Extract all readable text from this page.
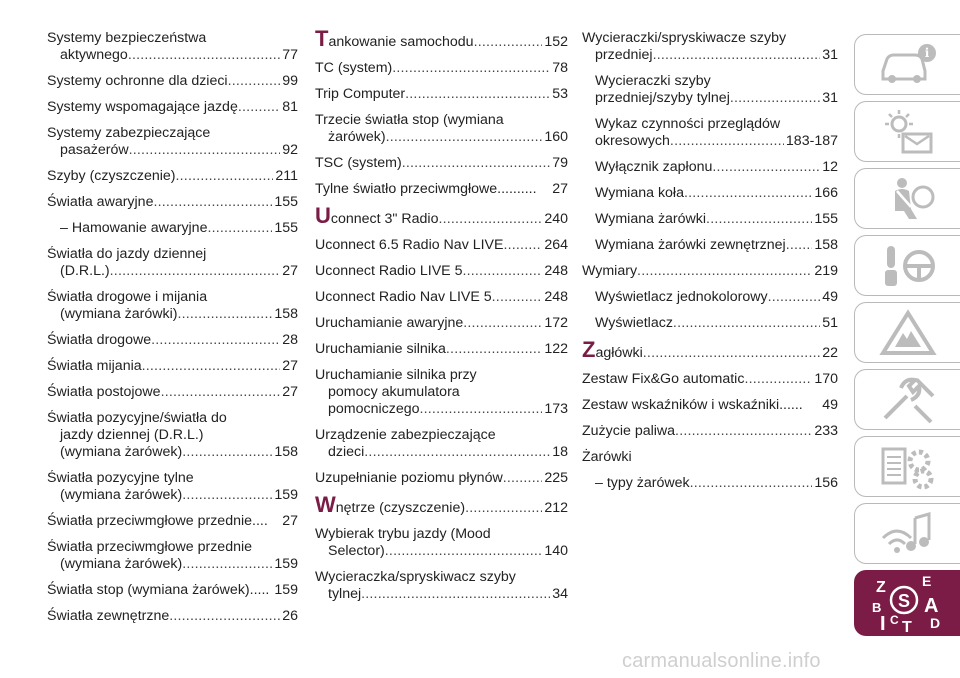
Systemy bezpieczeństwa
aktywnego .....	77
Systemy ochronne dla dzieci .....	99
Systemy wspomagające jazdę .....	81
Systemy zabezpieczające
pasażerów .....	92
Szyby (czyszczenie) .....	211
Światła awaryjne .....	155
– Hamowanie awaryjne .....	155
Światła do jazdy dziennej
(D.R.L.) .....	27
Światła drogowe i mijania
(wymiana żarówki) .....	158
Światła drogowe .....	28
Światła mijania .....	27
Światła postojowe .....	27
Światła pozycyjne/światła do
jazdy dziennej (D.R.L.)
(wymiana żarówek) .....	158
Światła pozycyjne tylne
(wymiana żarówek) .....	159
Światła przeciwmgłowe przednie.... 27
Światła przeciwmgłowe przednie
(wymiana żarówek) .....	159
Światła stop (wymiana żarówek)..... 159
Światła zewnętrzne .....	26
Tankowanie samochodu .....	152
TC (system) .....	78
Trip Computer .....	53
Trzecie światła stop (wymiana
żarówek) .....	160
TSC (system) .....	79
Tylne światło przeciwmgłowe.......... 27
Uconnect 3" Radio .....	240
Uconnect 6.5 Radio Nav LIVE .....	264
Uconnect Radio LIVE 5 .....	248
Uconnect Radio Nav LIVE 5 .....	248
Uruchamianie awaryjne .....	172
Uruchamianie silnika .....	122
Uruchamianie silnika przy
pomocy akumulatora
pomocniczego .....	173
Urządzenie zabezpieczające
dzieci .....	18
Uzupełnianie poziomu płynów .....	225
Wnętrze (czyszczenie) .....	212
Wybierak trybu jazdy (Mood
Selector) .....	140
Wycieraczka/spryskiwacz szyby
tylnej .....	34
Wycieraczki/spryskiwacze szyby
przedniej .....	31
Wycieraczki szyby
przedniej/szyby tylnej .....	31
Wykaz czynności przeglądów
okresowych .....	183-187
Wyłącznik zapłonu .....	12
Wymiana koła .....	166
Wymiana żarówki .....	155
Wymiana żarówki zewnętrznej ..... 158
Wymiary .....	219
Wyświetlacz jednokolorowy .....	49
Wyświetlacz .....	51
Zagłówki .....	22
Zestaw Fix&Go automatic .....	170
Zestaw wskaźników i wskaźniki...... 49
Zużycie paliwa .....	233
Żarówki
– typy żarówek .....	156
i
Z	E
B S A
I C T D
carmanualsonline.info
